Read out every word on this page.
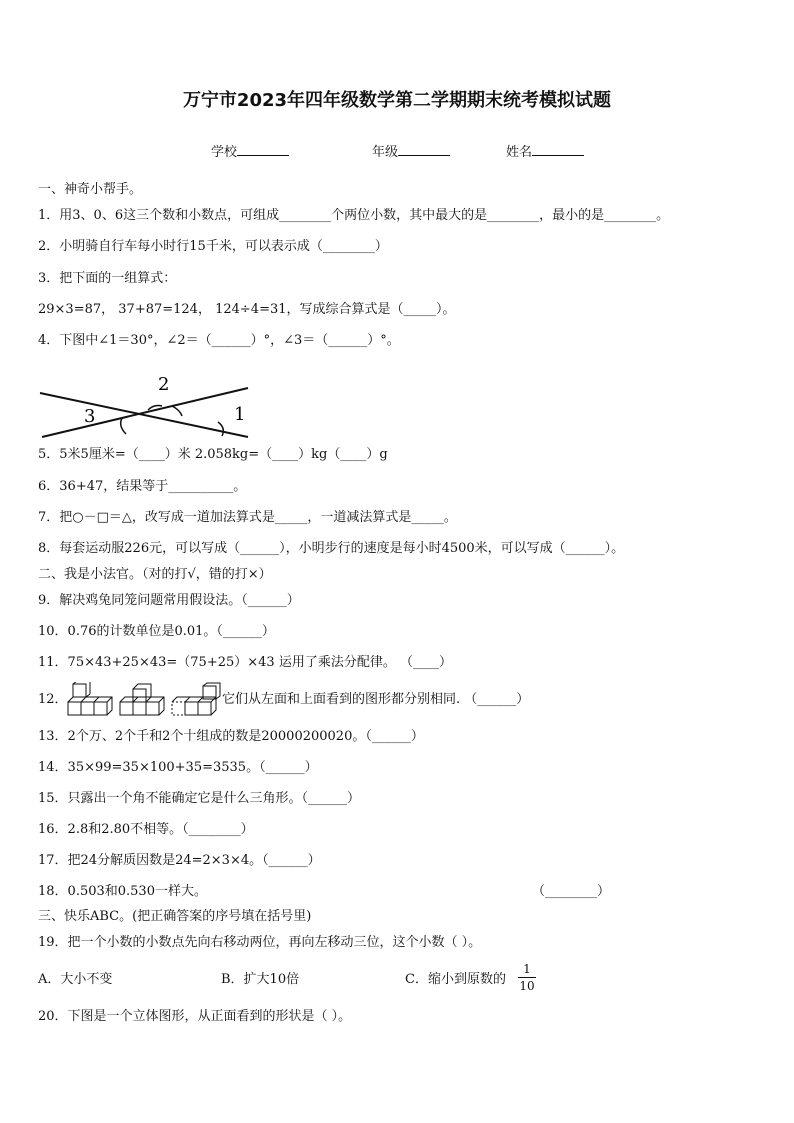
万宁市2023年四年级数学第二学期期末统考模拟试题
学校	年级	姓名
一、神奇小帮手。
1．用3、0、6这三个数和小数点，可组成________个两位小数，其中最大的是________，最小的是________。
2．小明骑自行车每小时行15千米，可以表示成（________）
3．把下面的一组算式：
29×3=87， 37+87=124， 124÷4=31，写成综合算式是（_____）。
4．下图中∠1＝30°，∠2＝（______）°，∠3＝（______）°。
3
2
1
5．5米5厘米=（____）米 2.058kg=（____）kg（____）g
6．36+47，结果等于__________。
7．把○－□＝△，改写成一道加法算式是_____，一道减法算式是_____。
8．每套运动服226元，可以写成（______），小明步行的速度是每小时4500米，可以写成（______）。
二、我是小法官。（对的打√，错的打×）
9．解决鸡兔同笼问题常用假设法。（______）
10．0.76的计数单位是0.01。（______）
11．75×43+25×43=（75+25）×43 运用了乘法分配律。 （____）
12．	它们从左面和上面看到的图形都分别相同. （______）
13．2个万、2个千和2个十组成的数是20000200020。（______）
14．35×99=35×100+35=3535。（______）
15．只露出一个角不能确定它是什么三角形。（______）
16．2.8和2.80不相等。（________）
17．把24分解质因数是24=2×3×4。（______）
18．0.503和0.530一样大。	（________）
三、快乐ABC。(把正确答案的序号填在括号里)
19．把一个小数的小数点先向右移动两位，再向左移动三位，这个小数（ ）。
A．大小不变	B．扩大10倍	C．缩小到原数的
1
10
20．下图是一个立体图形，从正面看到的形状是（ ）。
